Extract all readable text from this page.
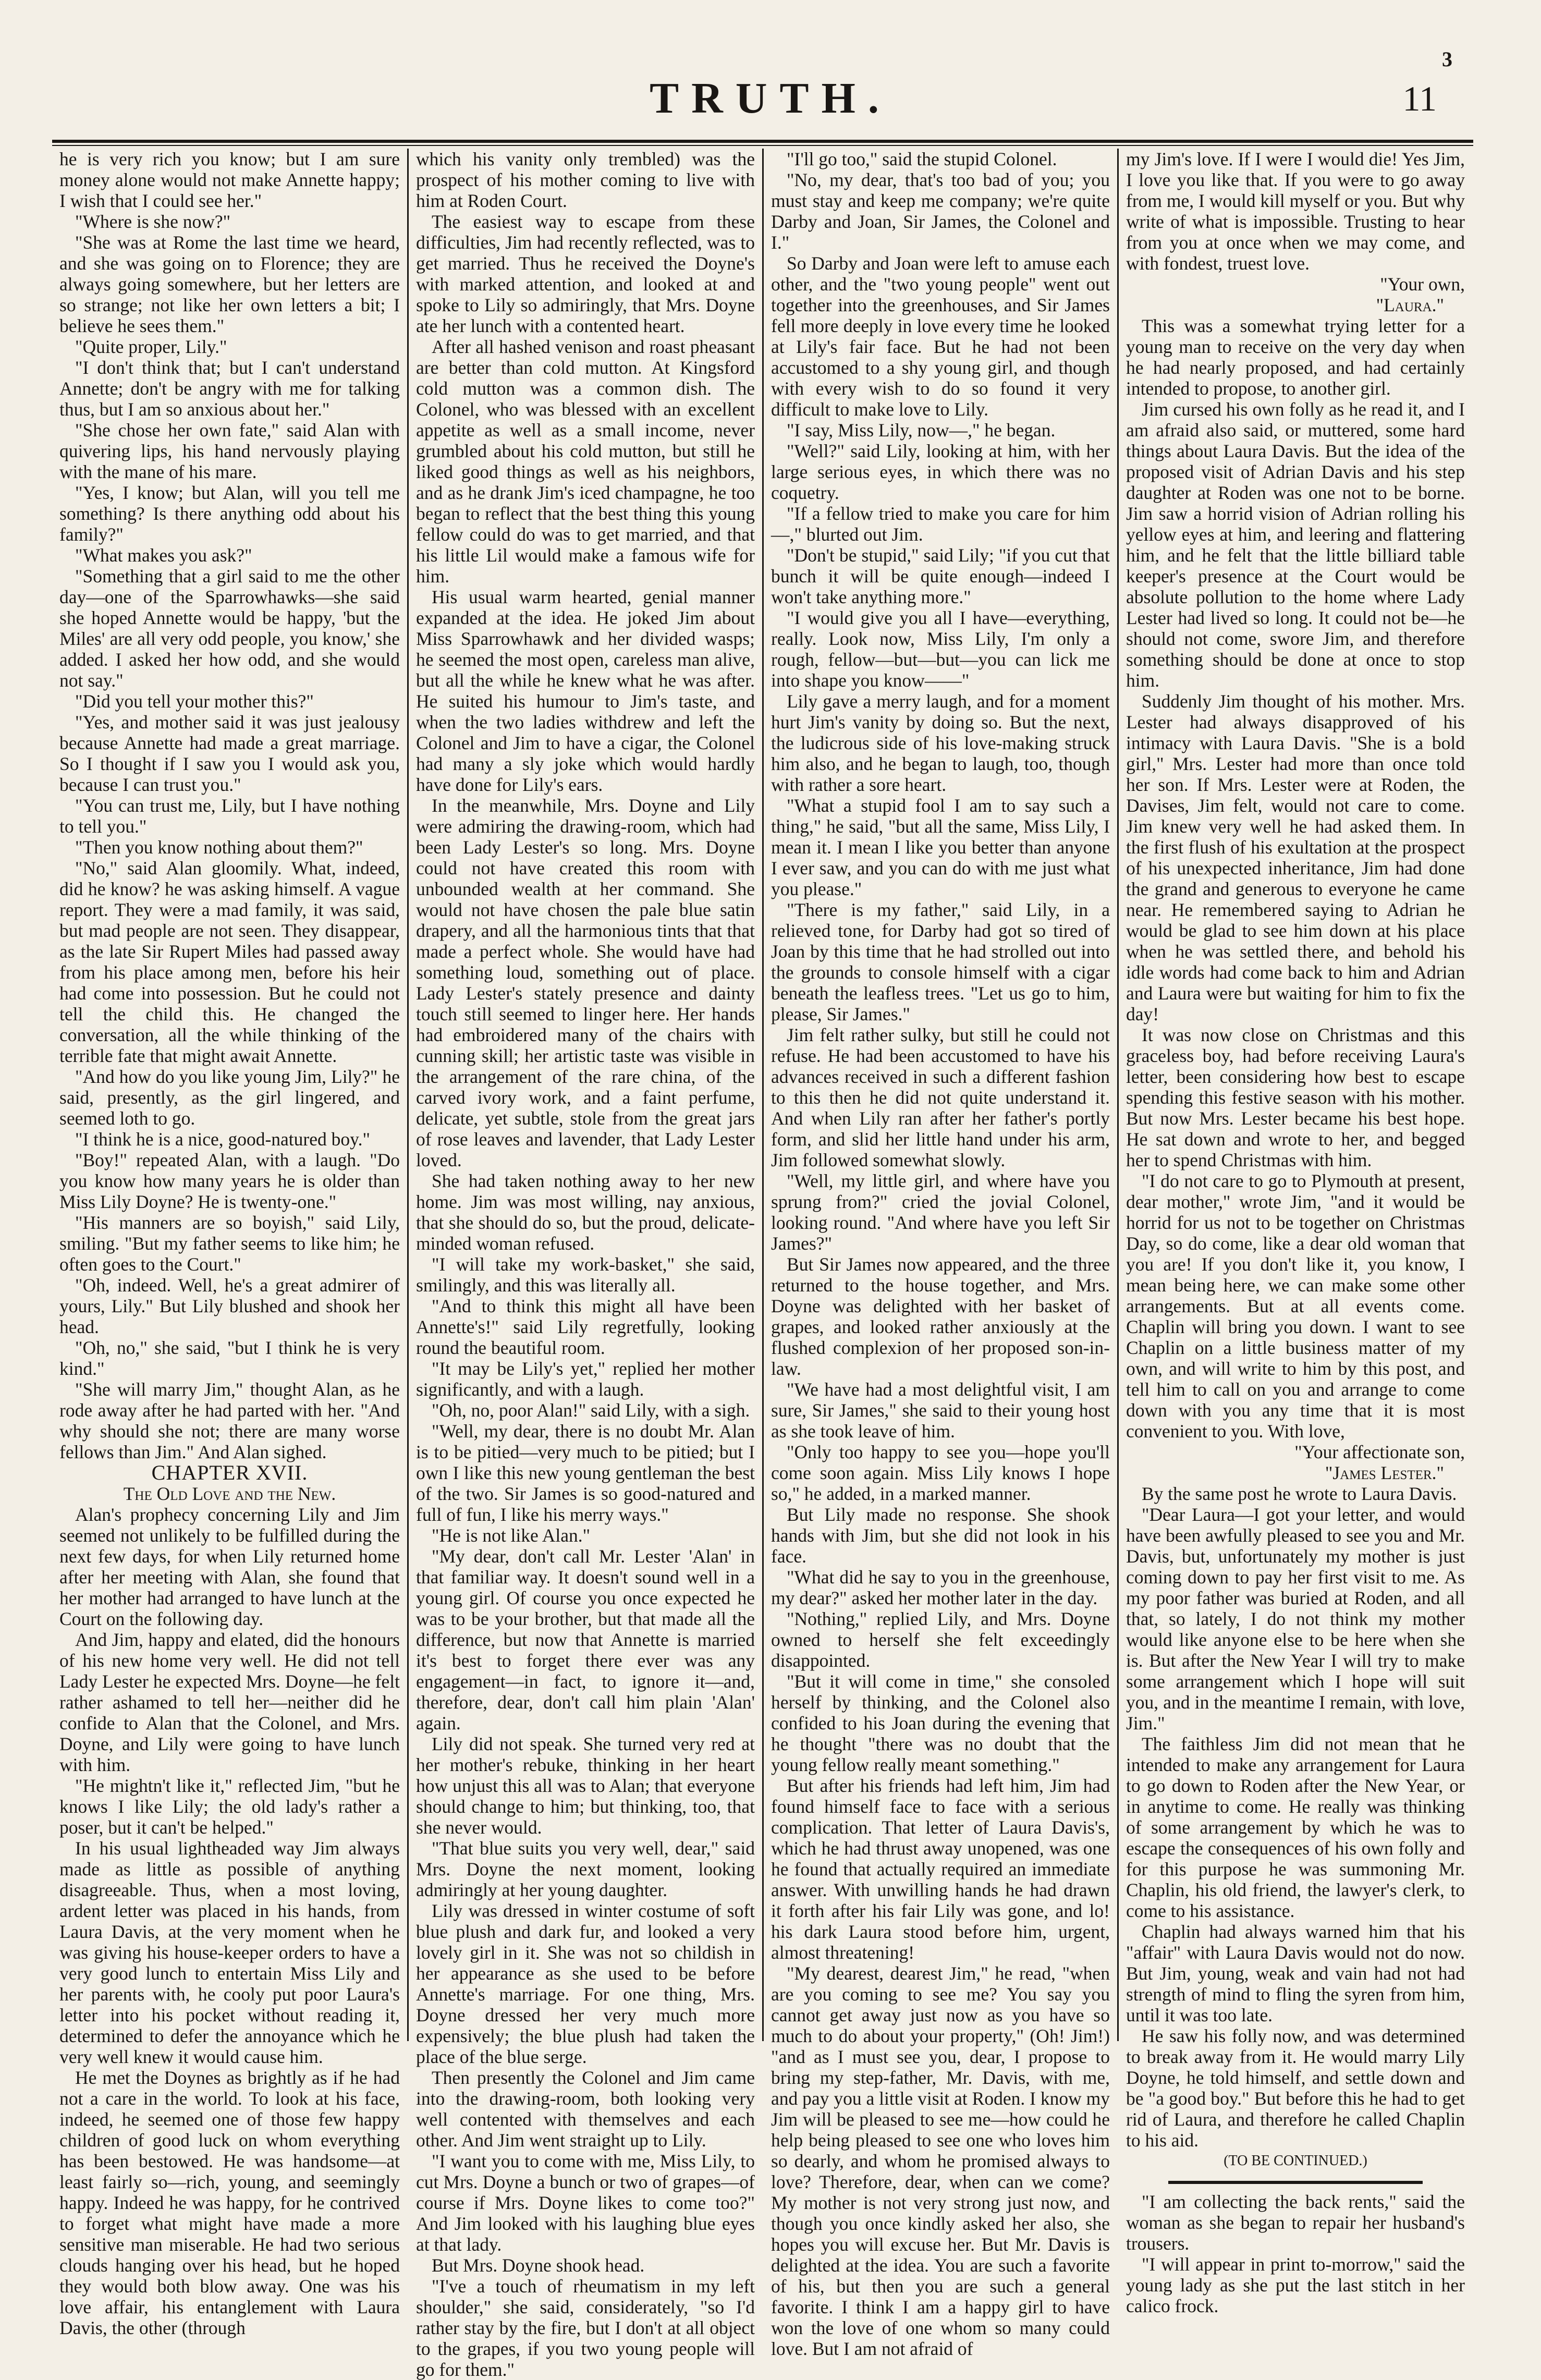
3
TRUTH.	11

he is very rich you know; but I am sure money alone would not make Annette happy; I wish that I could see her."

"Where is she now?"

"She was at Rome the last time we heard, and she was going on to Florence; they are always going somewhere, but her letters are so strange; not like her own letters a bit; I believe he sees them."

"Quite proper, Lily."

"I don't think that; but I can't understand Annette; don't be angry with me for talking thus, but I am so anxious about her."

"She chose her own fate," said Alan with quivering lips, his hand nervously playing with the mane of his mare.

"Yes, I know; but Alan, will you tell me something? Is there anything odd about his family?"

"What makes you ask?"

"Something that a girl said to me the other day—one of the Sparrowhawks—she said she hoped Annette would be happy, 'but the Miles' are all very odd people, you know,' she added. I asked her how odd, and she would not say."

"Did you tell your mother this?"

"Yes, and mother said it was just jealousy because Annette had made a great marriage. So I thought if I saw you I would ask you, because I can trust you."

"You can trust me, Lily, but I have nothing to tell you."

"Then you know nothing about them?"

"No," said Alan gloomily. What, indeed, did he know? he was asking himself. A vague report. They were a mad family, it was said, but mad people are not seen. They disappear, as the late Sir Rupert Miles had passed away from his place among men, before his heir had come into possession. But he could not tell the child this. He changed the conversation, all the while thinking of the terrible fate that might await Annette.

"And how do you like young Jim, Lily?" he said, presently, as the girl lingered, and seemed loth to go.

"I think he is a nice, good-natured boy."

"Boy!" repeated Alan, with a laugh. "Do you know how many years he is older than Miss Lily Doyne? He is twenty-one."

"His manners are so boyish," said Lily, smiling. "But my father seems to like him; he often goes to the Court."

"Oh, indeed. Well, he's a great admirer of yours, Lily." But Lily blushed and shook her head.

"Oh, no," she said, "but I think he is very kind."

"She will marry Jim," thought Alan, as he rode away after he had parted with her. "And why should she not; there are many worse fellows than Jim." And Alan sighed.

CHAPTER XVII.

The Old Love and the New.

Alan's prophecy concerning Lily and Jim seemed not unlikely to be fulfilled during the next few days, for when Lily returned home after her meeting with Alan, she found that her mother had arranged to have lunch at the Court on the following day.

And Jim, happy and elated, did the honours of his new home very well. He did not tell Lady Lester he expected Mrs. Doyne—he felt rather ashamed to tell her—neither did he confide to Alan that the Colonel, and Mrs. Doyne, and Lily were going to have lunch with him.

"He mightn't like it," reflected Jim, "but he knows I like Lily; the old lady's rather a poser, but it can't be helped."

In his usual lightheaded way Jim always made as little as possible of anything disagreeable. Thus, when a most loving, ardent letter was placed in his hands, from Laura Davis, at the very moment when he was giving his house-keeper orders to have a very good lunch to entertain Miss Lily and her parents with, he cooly put poor Laura's letter into his pocket without reading it, determined to defer the annoyance which he very well knew it would cause him.

He met the Doynes as brightly as if he had not a care in the world. To look at his face, indeed, he seemed one of those few happy children of good luck on whom everything has been bestowed. He was handsome—at least fairly so—rich, young, and seemingly happy. Indeed he was happy, for he contrived to forget what might have made a more sensitive man miserable. He had two serious clouds hanging over his head, but he hoped they would both blow away. One was his love affair, his entanglement with Laura Davis, the other (through

which his vanity only trembled) was the prospect of his mother coming to live with him at Roden Court.

The easiest way to escape from these difficulties, Jim had recently reflected, was to get married. Thus he received the Doyne's with marked attention, and looked at and spoke to Lily so admiringly, that Mrs. Doyne ate her lunch with a contented heart.

After all hashed venison and roast pheasant are better than cold mutton. At Kingsford cold mutton was a common dish. The Colonel, who was blessed with an excellent appetite as well as a small income, never grumbled about his cold mutton, but still he liked good things as well as his neighbors, and as he drank Jim's iced champagne, he too began to reflect that the best thing this young fellow could do was to get married, and that his little Lil would make a famous wife for him.

His usual warm hearted, genial manner expanded at the idea. He joked Jim about Miss Sparrowhawk and her divided wasps; he seemed the most open, careless man alive, but all the while he knew what he was after. He suited his humour to Jim's taste, and when the two ladies withdrew and left the Colonel and Jim to have a cigar, the Colonel had many a sly joke which would hardly have done for Lily's ears.

In the meanwhile, Mrs. Doyne and Lily were admiring the drawing-room, which had been Lady Lester's so long. Mrs. Doyne could not have created this room with unbounded wealth at her command. She would not have chosen the pale blue satin drapery, and all the harmonious tints that that made a perfect whole. She would have had something loud, something out of place. Lady Lester's stately presence and dainty touch still seemed to linger here. Her hands had embroidered many of the chairs with cunning skill; her artistic taste was visible in the arrangement of the rare china, of the carved ivory work, and a faint perfume, delicate, yet subtle, stole from the great jars of rose leaves and lavender, that Lady Lester loved.

She had taken nothing away to her new home. Jim was most willing, nay anxious, that she should do so, but the proud, delicate-minded woman refused.

"I will take my work-basket," she said, smilingly, and this was literally all.

"And to think this might all have been Annette's!" said Lily regretfully, looking round the beautiful room.

"It may be Lily's yet," replied her mother significantly, and with a laugh.

"Oh, no, poor Alan!" said Lily, with a sigh.

"Well, my dear, there is no doubt Mr. Alan is to be pitied—very much to be pitied; but I own I like this new young gentleman the best of the two. Sir James is so good-natured and full of fun, I like his merry ways."

"He is not like Alan."

"My dear, don't call Mr. Lester 'Alan' in that familiar way. It doesn't sound well in a young girl. Of course you once expected he was to be your brother, but that made all the difference, but now that Annette is married it's best to forget there ever was any engagement—in fact, to ignore it—and, therefore, dear, don't call him plain 'Alan' again.

Lily did not speak. She turned very red at her mother's rebuke, thinking in her heart how unjust this all was to Alan; that everyone should change to him; but thinking, too, that she never would.

"That blue suits you very well, dear," said Mrs. Doyne the next moment, looking admiringly at her young daughter.

Lily was dressed in winter costume of soft blue plush and dark fur, and looked a very lovely girl in it. She was not so childish in her appearance as she used to be before Annette's marriage. For one thing, Mrs. Doyne dressed her very much more expensively; the blue plush had taken the place of the blue serge.

Then presently the Colonel and Jim came into the drawing-room, both looking very well contented with themselves and each other. And Jim went straight up to Lily.

"I want you to come with me, Miss Lily, to cut Mrs. Doyne a bunch or two of grapes—of course if Mrs. Doyne likes to come too?" And Jim looked with his laughing blue eyes at that lady.

But Mrs. Doyne shook head.

"I've a touch of rheumatism in my left shoulder," she said, considerately, "so I'd rather stay by the fire, but I don't at all object to the grapes, if you two young people will go for them."

"I'll go too," said the stupid Colonel.

"No, my dear, that's too bad of you; you must stay and keep me company; we're quite Darby and Joan, Sir James, the Colonel and I."

So Darby and Joan were left to amuse each other, and the "two young people" went out together into the greenhouses, and Sir James fell more deeply in love every time he looked at Lily's fair face. But he had not been accustomed to a shy young girl, and though with every wish to do so found it very difficult to make love to Lily.

"I say, Miss Lily, now—," he began.

"Well?" said Lily, looking at him, with her large serious eyes, in which there was no coquetry.

"If a fellow tried to make you care for him—," blurted out Jim.

"Don't be stupid," said Lily; "if you cut that bunch it will be quite enough—indeed I won't take anything more."

"I would give you all I have—everything, really. Look now, Miss Lily, I'm only a rough, fellow—but—but—you can lick me into shape you know——"

Lily gave a merry laugh, and for a moment hurt Jim's vanity by doing so. But the next, the ludicrous side of his love-making struck him also, and he began to laugh, too, though with rather a sore heart.

"What a stupid fool I am to say such a thing," he said, "but all the same, Miss Lily, I mean it. I mean I like you better than anyone I ever saw, and you can do with me just what you please."

"There is my father," said Lily, in a relieved tone, for Darby had got so tired of Joan by this time that he had strolled out into the grounds to console himself with a cigar beneath the leafless trees. "Let us go to him, please, Sir James."

Jim felt rather sulky, but still he could not refuse. He had been accustomed to have his advances received in such a different fashion to this then he did not quite understand it. And when Lily ran after her father's portly form, and slid her little hand under his arm, Jim followed somewhat slowly.

"Well, my little girl, and where have you sprung from?" cried the jovial Colonel, looking round. "And where have you left Sir James?"

But Sir James now appeared, and the three returned to the house together, and Mrs. Doyne was delighted with her basket of grapes, and looked rather anxiously at the flushed complexion of her proposed son-in-law.

"We have had a most delightful visit, I am sure, Sir James," she said to their young host as she took leave of him.

"Only too happy to see you—hope you'll come soon again. Miss Lily knows I hope so," he added, in a marked manner.

But Lily made no response. She shook hands with Jim, but she did not look in his face.

"What did he say to you in the greenhouse, my dear?" asked her mother later in the day.

"Nothing," replied Lily, and Mrs. Doyne owned to herself she felt exceedingly disappointed.

"But it will come in time," she consoled herself by thinking, and the Colonel also confided to his Joan during the evening that he thought "there was no doubt that the young fellow really meant something."

But after his friends had left him, Jim had found himself face to face with a serious complication. That letter of Laura Davis's, which he had thrust away unopened, was one he found that actually required an immediate answer. With unwilling hands he had drawn it forth after his fair Lily was gone, and lo! his dark Laura stood before him, urgent, almost threatening!

"My dearest, dearest Jim," he read, "when are you coming to see me? You say you cannot get away just now as you have so much to do about your property," (Oh! Jim!) "and as I must see you, dear, I propose to bring my step-father, Mr. Davis, with me, and pay you a little visit at Roden. I know my Jim will be pleased to see me—how could he help being pleased to see one who loves him so dearly, and whom he promised always to love? Therefore, dear, when can we come? My mother is not very strong just now, and though you once kindly asked her also, she hopes you will excuse her. But Mr. Davis is delighted at the idea. You are such a favorite of his, but then you are such a general favorite. I think I am a happy girl to have won the love of one whom so many could love. But I am not afraid of

my Jim's love. If I were I would die! Yes Jim, I love you like that. If you were to go away from me, I would kill myself or you. But why write of what is impossible. Trusting to hear from you at once when we may come, and with fondest, truest love.

"Your own,

"Laura."

This was a somewhat trying letter for a young man to receive on the very day when he had nearly proposed, and had certainly intended to propose, to another girl.

Jim cursed his own folly as he read it, and I am afraid also said, or muttered, some hard things about Laura Davis. But the idea of the proposed visit of Adrian Davis and his step daughter at Roden was one not to be borne. Jim saw a horrid vision of Adrian rolling his yellow eyes at him, and leering and flattering him, and he felt that the little billiard table keeper's presence at the Court would be absolute pollution to the home where Lady Lester had lived so long. It could not be—he should not come, swore Jim, and therefore something should be done at once to stop him.

Suddenly Jim thought of his mother. Mrs. Lester had always disapproved of his intimacy with Laura Davis. "She is a bold girl," Mrs. Lester had more than once told her son. If Mrs. Lester were at Roden, the Davises, Jim felt, would not care to come. Jim knew very well he had asked them. In the first flush of his exultation at the prospect of his unexpected inheritance, Jim had done the grand and generous to everyone he came near. He remembered saying to Adrian he would be glad to see him down at his place when he was settled there, and behold his idle words had come back to him and Adrian and Laura were but waiting for him to fix the day!

It was now close on Christmas and this graceless boy, had before receiving Laura's letter, been considering how best to escape spending this festive season with his mother. But now Mrs. Lester became his best hope. He sat down and wrote to her, and begged her to spend Christmas with him.

"I do not care to go to Plymouth at present, dear mother," wrote Jim, "and it would be horrid for us not to be together on Christmas Day, so do come, like a dear old woman that you are! If you don't like it, you know, I mean being here, we can make some other arrangements. But at all events come. Chaplin will bring you down. I want to see Chaplin on a little business matter of my own, and will write to him by this post, and tell him to call on you and arrange to come down with you any time that it is most convenient to you. With love,

"Your affectionate son,

"James Lester."

By the same post he wrote to Laura Davis.

"Dear Laura—I got your letter, and would have been awfully pleased to see you and Mr. Davis, but, unfortunately my mother is just coming down to pay her first visit to me. As my poor father was buried at Roden, and all that, so lately, I do not think my mother would like anyone else to be here when she is. But after the New Year I will try to make some arrangement which I hope will suit you, and in the meantime I remain, with love, Jim."

The faithless Jim did not mean that he intended to make any arrangement for Laura to go down to Roden after the New Year, or in anytime to come. He really was thinking of some arrangement by which he was to escape the consequences of his own folly and for this purpose he was summoning Mr. Chaplin, his old friend, the lawyer's clerk, to come to his assistance.

Chaplin had always warned him that his "affair" with Laura Davis would not do now. But Jim, young, weak and vain had not had strength of mind to fling the syren from him, until it was too late.

He saw his folly now, and was determined to break away from it. He would marry Lily Doyne, he told himself, and settle down and be "a good boy." But before this he had to get rid of Laura, and therefore he called Chaplin to his aid.

(TO BE CONTINUED.)

"I am collecting the back rents," said the woman as she began to repair her husband's trousers.

"I will appear in print to-morrow," said the young lady as she put the last stitch in her calico frock.
